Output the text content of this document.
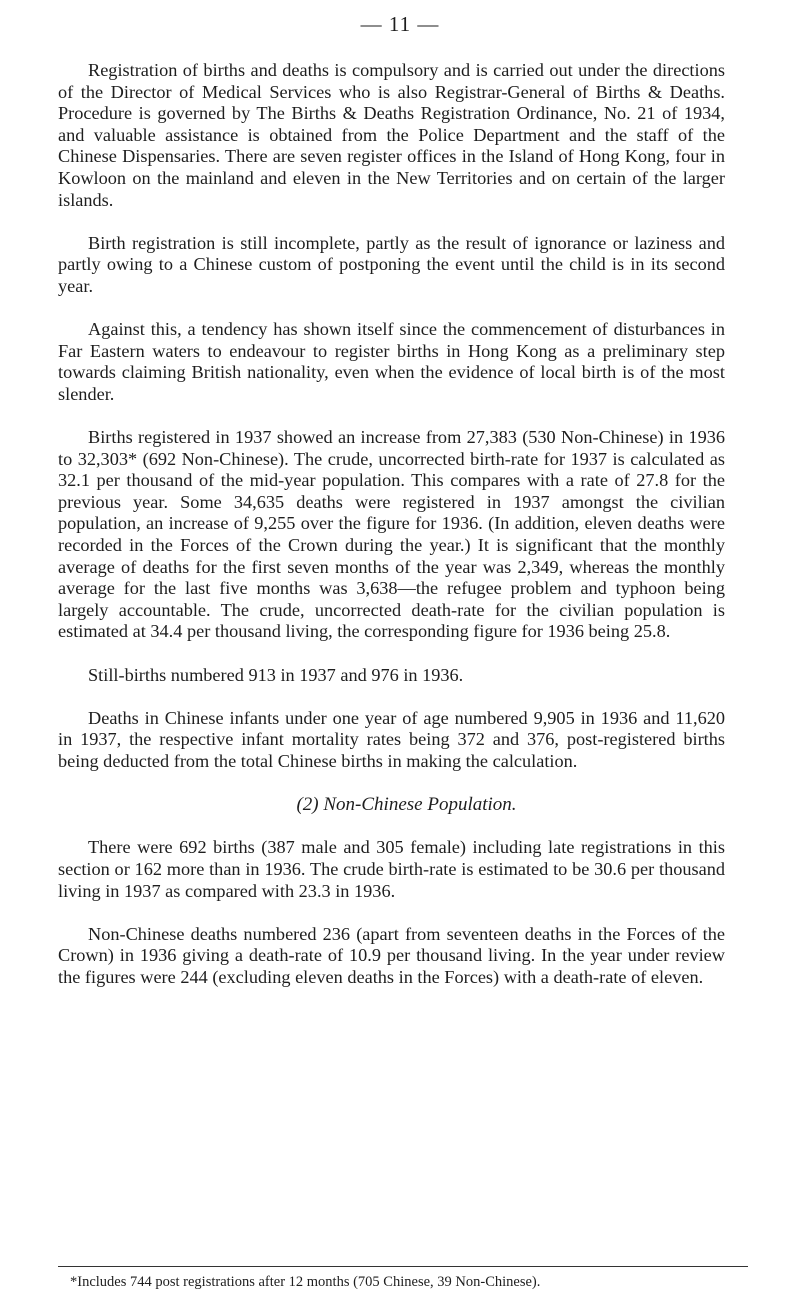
— 11 —

Registration of births and deaths is compulsory and is carried out under the directions of the Director of Medical Services who is also Registrar-General of Births & Deaths. Procedure is governed by The Births & Deaths Registration Ordinance, No. 21 of 1934, and valuable assistance is obtained from the Police Department and the staff of the Chinese Dispensaries. There are seven register offices in the Island of Hong Kong, four in Kowloon on the mainland and eleven in the New Territories and on certain of the larger islands.

Birth registration is still incomplete, partly as the result of ignorance or laziness and partly owing to a Chinese custom of postponing the event until the child is in its second year.

Against this, a tendency has shown itself since the commencement of disturbances in Far Eastern waters to endeavour to register births in Hong Kong as a preliminary step towards claiming British nationality, even when the evidence of local birth is of the most slender.

Births registered in 1937 showed an increase from 27,383 (530 Non-Chinese) in 1936 to 32,303* (692 Non-Chinese). The crude, uncorrected birth-rate for 1937 is calculated as 32.1 per thousand of the mid-year population. This compares with a rate of 27.8 for the previous year. Some 34,635 deaths were registered in 1937 amongst the civilian population, an increase of 9,255 over the figure for 1936. (In addition, eleven deaths were recorded in the Forces of the Crown during the year.) It is significant that the monthly average of deaths for the first seven months of the year was 2,349, whereas the monthly average for the last five months was 3,638—the refugee problem and typhoon being largely accountable. The crude, uncorrected death-rate for the civilian population is estimated at 34.4 per thousand living, the corresponding figure for 1936 being 25.8.

Still-births numbered 913 in 1937 and 976 in 1936.

Deaths in Chinese infants under one year of age numbered 9,905 in 1936 and 11,620 in 1937, the respective infant mortality rates being 372 and 376, post-registered births being deducted from the total Chinese births in making the calculation.

(2) Non-Chinese Population.

There were 692 births (387 male and 305 female) including late registrations in this section or 162 more than in 1936. The crude birth-rate is estimated to be 30.6 per thousand living in 1937 as compared with 23.3 in 1936.

Non-Chinese deaths numbered 236 (apart from seventeen deaths in the Forces of the Crown) in 1936 giving a death-rate of 10.9 per thousand living. In the year under review the figures were 244 (excluding eleven deaths in the Forces) with a death-rate of eleven.

*Includes 744 post registrations after 12 months (705 Chinese, 39 Non-Chinese).
